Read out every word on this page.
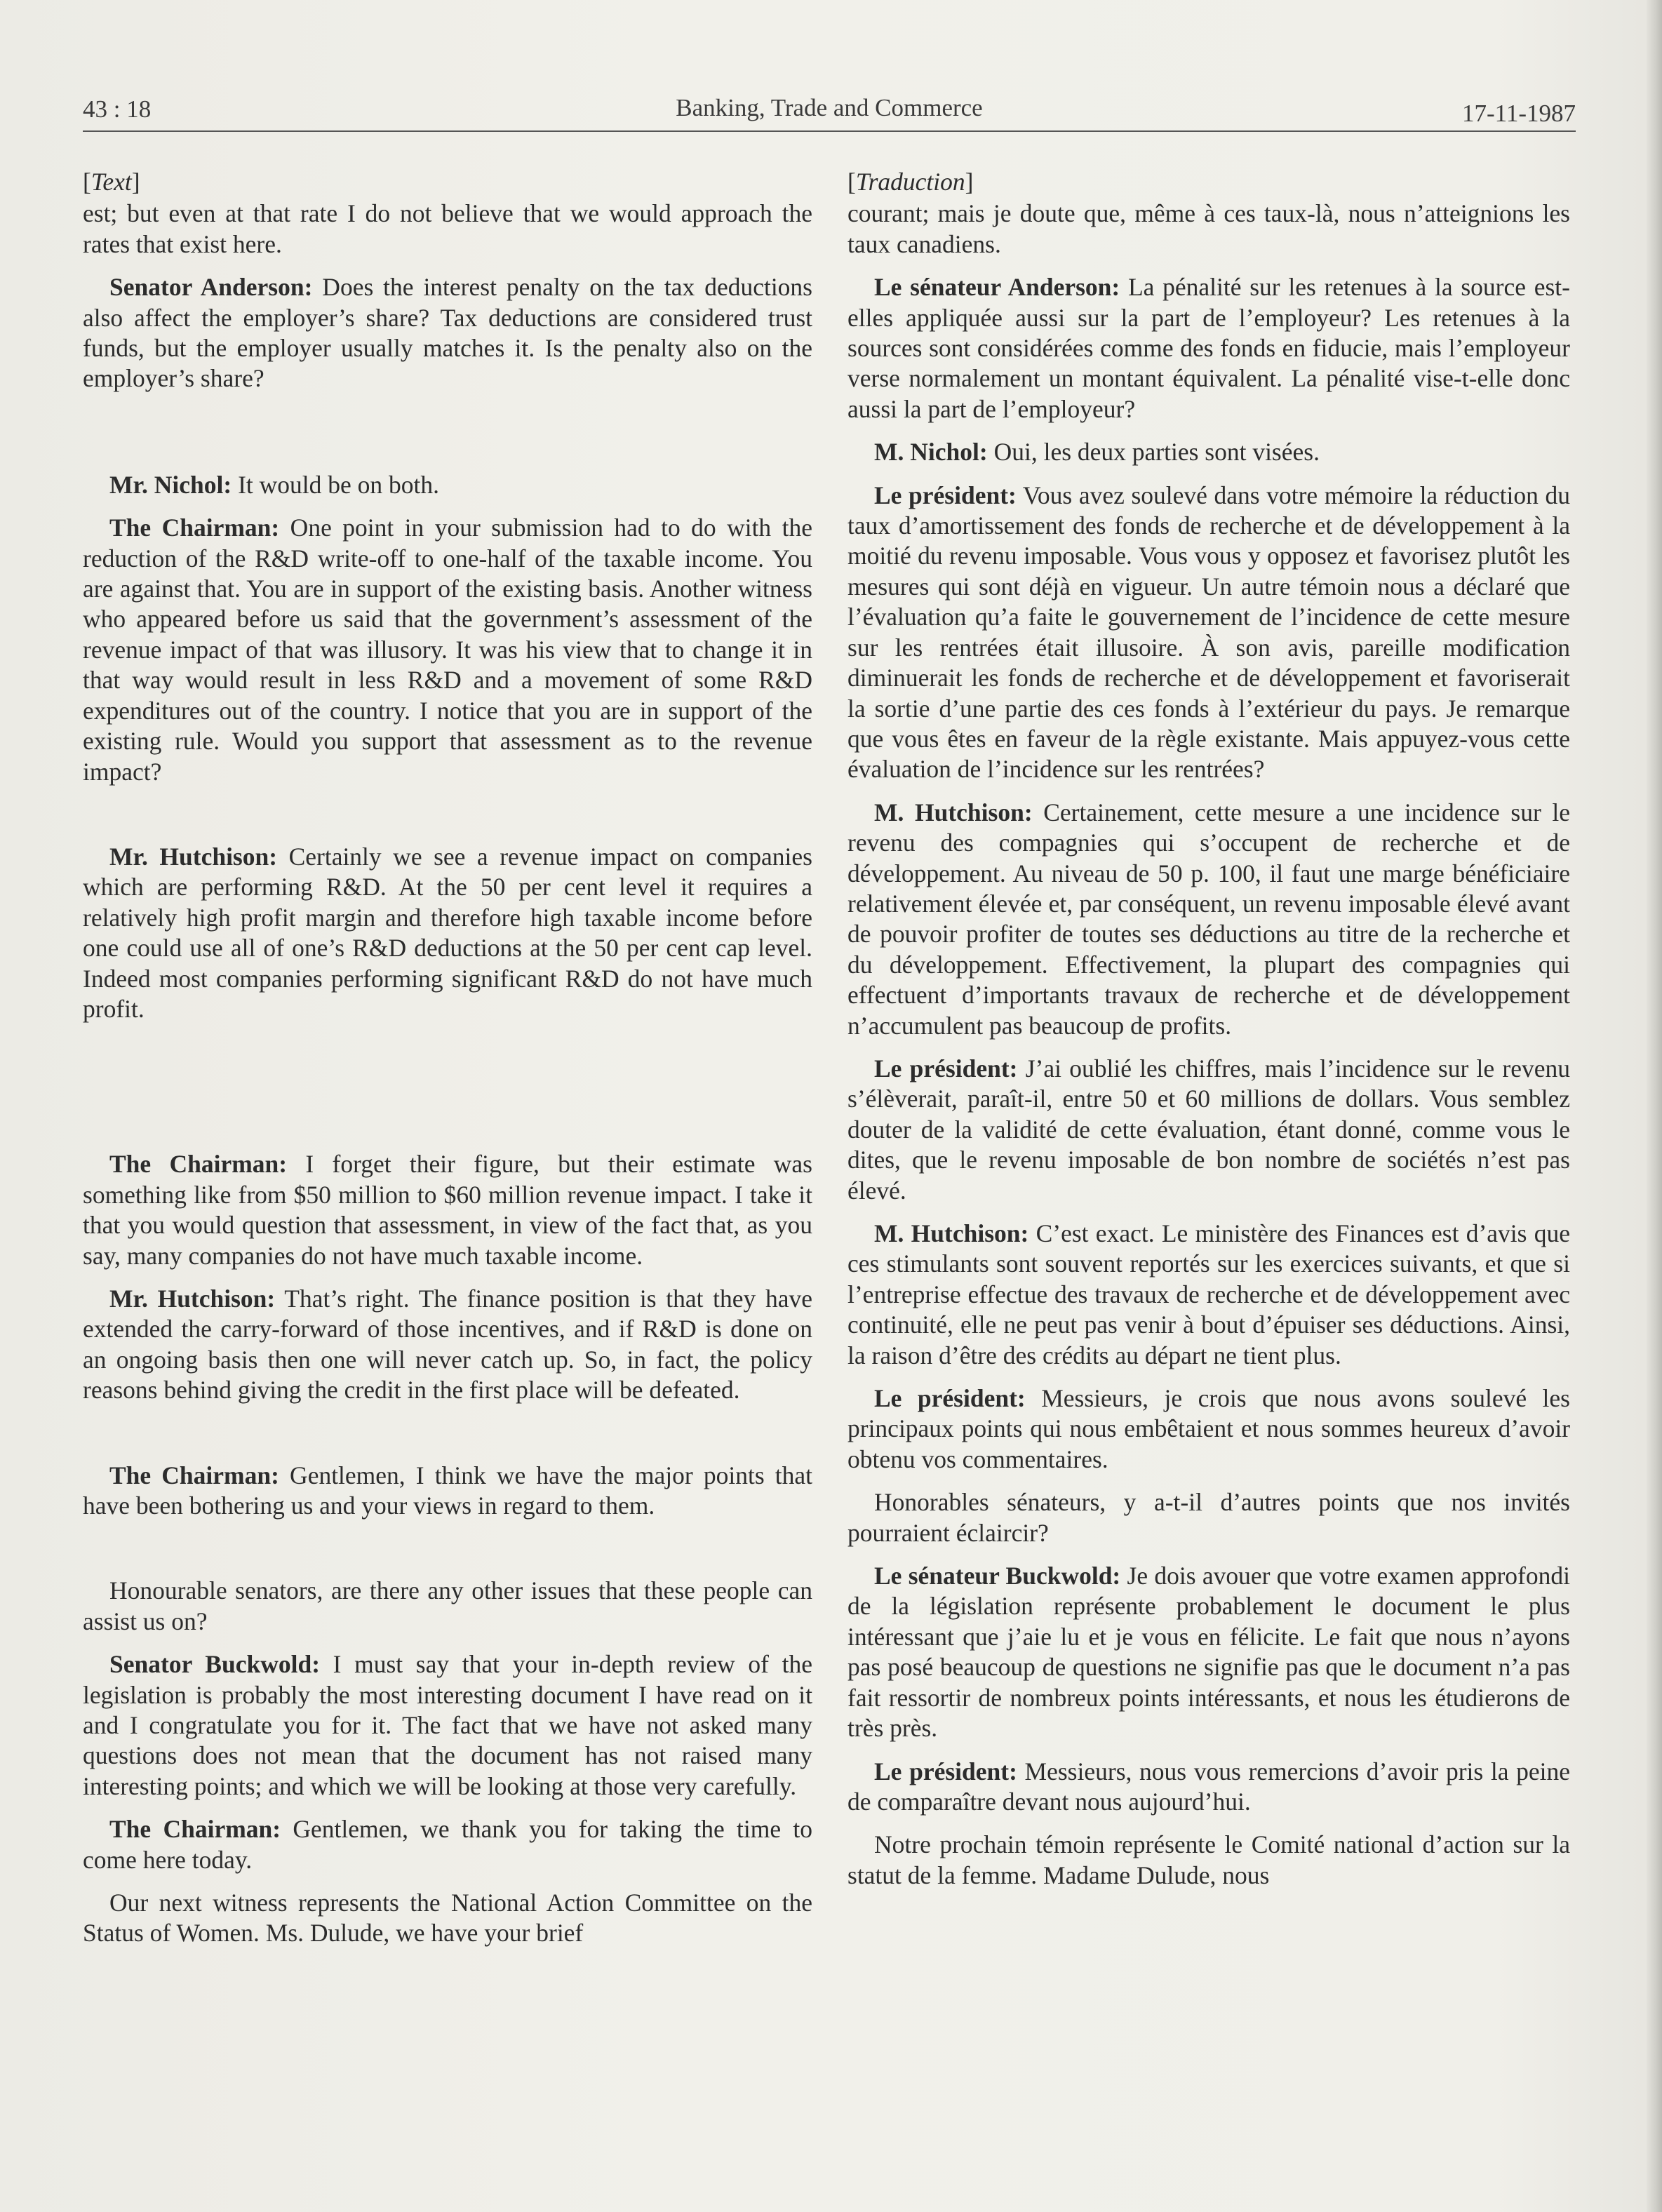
43 : 18	Banking, Trade and Commerce	17-11-1987
[Text]

est; but even at that rate I do not believe that we would approach the rates that exist here.

Senator Anderson: Does the interest penalty on the tax deductions also affect the employer’s share? Tax deductions are considered trust funds, but the employer usually matches it. Is the penalty also on the employer’s share?

Mr. Nichol: It would be on both.

The Chairman: One point in your submission had to do with the reduction of the R&D write-off to one-half of the taxable income. You are against that. You are in support of the existing basis. Another witness who appeared before us said that the government’s assessment of the revenue impact of that was illusory. It was his view that to change it in that way would result in less R&D and a movement of some R&D expenditures out of the country. I notice that you are in support of the existing rule. Would you support that assessment as to the revenue impact?

Mr. Hutchison: Certainly we see a revenue impact on companies which are performing R&D. At the 50 per cent level it requires a relatively high profit margin and therefore high taxable income before one could use all of one’s R&D deductions at the 50 per cent cap level. Indeed most companies performing significant R&D do not have much profit.

The Chairman: I forget their figure, but their estimate was something like from $50 million to $60 million revenue impact. I take it that you would question that assessment, in view of the fact that, as you say, many companies do not have much taxable income.

Mr. Hutchison: That’s right. The finance position is that they have extended the carry-forward of those incentives, and if R&D is done on an ongoing basis then one will never catch up. So, in fact, the policy reasons behind giving the credit in the first place will be defeated.

The Chairman: Gentlemen, I think we have the major points that have been bothering us and your views in regard to them.

Honourable senators, are there any other issues that these people can assist us on?

Senator Buckwold: I must say that your in-depth review of the legislation is probably the most interesting document I have read on it and I congratulate you for it. The fact that we have not asked many questions does not mean that the document has not raised many interesting points; and which we will be looking at those very carefully.

The Chairman: Gentlemen, we thank you for taking the time to come here today.

Our next witness represents the National Action Committee on the Status of Women. Ms. Dulude, we have your brief

[Traduction]

courant; mais je doute que, même à ces taux-là, nous n’atteignions les taux canadiens.

Le sénateur Anderson: La pénalité sur les retenues à la source est-elles appliquée aussi sur la part de l’employeur? Les retenues à la sources sont considérées comme des fonds en fiducie, mais l’employeur verse normalement un montant équivalent. La pénalité vise-t-elle donc aussi la part de l’employeur?

M. Nichol: Oui, les deux parties sont visées.

Le président: Vous avez soulevé dans votre mémoire la réduction du taux d’amortissement des fonds de recherche et de développement à la moitié du revenu imposable. Vous vous y opposez et favorisez plutôt les mesures qui sont déjà en vigueur. Un autre témoin nous a déclaré que l’évaluation qu’a faite le gouvernement de l’incidence de cette mesure sur les rentrées était illusoire. À son avis, pareille modification diminuerait les fonds de recherche et de développement et favoriserait la sortie d’une partie des ces fonds à l’extérieur du pays. Je remarque que vous êtes en faveur de la règle existante. Mais appuyez-vous cette évaluation de l’incidence sur les rentrées?

M. Hutchison: Certainement, cette mesure a une incidence sur le revenu des compagnies qui s’occupent de recherche et de développement. Au niveau de 50 p. 100, il faut une marge bénéficiaire relativement élevée et, par conséquent, un revenu imposable élevé avant de pouvoir profiter de toutes ses déductions au titre de la recherche et du développement. Effectivement, la plupart des compagnies qui effectuent d’importants travaux de recherche et de développement n’accumulent pas beaucoup de profits.

Le président: J’ai oublié les chiffres, mais l’incidence sur le revenu s’élèverait, paraît-il, entre 50 et 60 millions de dollars. Vous semblez douter de la validité de cette évaluation, étant donné, comme vous le dites, que le revenu imposable de bon nombre de sociétés n’est pas élevé.

M. Hutchison: C’est exact. Le ministère des Finances est d’avis que ces stimulants sont souvent reportés sur les exercices suivants, et que si l’entreprise effectue des travaux de recherche et de développement avec continuité, elle ne peut pas venir à bout d’épuiser ses déductions. Ainsi, la raison d’être des crédits au départ ne tient plus.

Le président: Messieurs, je crois que nous avons soulevé les principaux points qui nous embêtaient et nous sommes heureux d’avoir obtenu vos commentaires.

Honorables sénateurs, y a-t-il d’autres points que nos invités pourraient éclaircir?

Le sénateur Buckwold: Je dois avouer que votre examen approfondi de la législation représente probablement le document le plus intéressant que j’aie lu et je vous en félicite. Le fait que nous n’ayons pas posé beaucoup de questions ne signifie pas que le document n’a pas fait ressortir de nombreux points intéressants, et nous les étudierons de très près.

Le président: Messieurs, nous vous remercions d’avoir pris la peine de comparaître devant nous aujourd’hui.

Notre prochain témoin représente le Comité national d’action sur la statut de la femme. Madame Dulude, nous
